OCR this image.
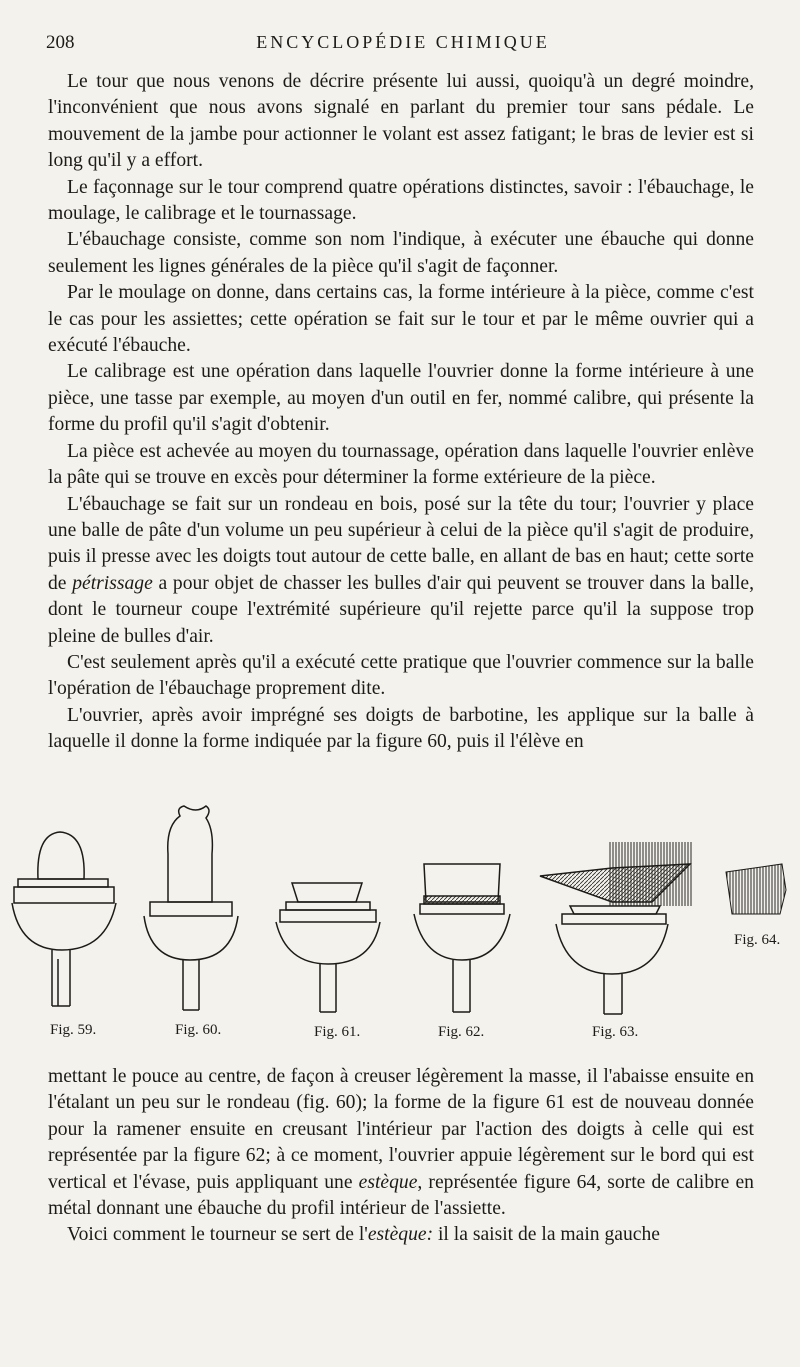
208	ENCYCLOPÉDIE CHIMIQUE

Le tour que nous venons de décrire présente lui aussi, quoiqu'à un degré moindre, l'inconvénient que nous avons signalé en parlant du premier tour sans pédale. Le mouvement de la jambe pour actionner le volant est assez fatigant; le bras de levier est si long qu'il y a effort.

Le façonnage sur le tour comprend quatre opérations distinctes, savoir : l'ébauchage, le moulage, le calibrage et le tournassage.

L'ébauchage consiste, comme son nom l'indique, à exécuter une ébauche qui donne seulement les lignes générales de la pièce qu'il s'agit de façonner.

Par le moulage on donne, dans certains cas, la forme intérieure à la pièce, comme c'est le cas pour les assiettes; cette opération se fait sur le tour et par le même ouvrier qui a exécuté l'ébauche.

Le calibrage est une opération dans laquelle l'ouvrier donne la forme intérieure à une pièce, une tasse par exemple, au moyen d'un outil en fer, nommé calibre, qui présente la forme du profil qu'il s'agit d'obtenir.

La pièce est achevée au moyen du tournassage, opération dans laquelle l'ouvrier enlève la pâte qui se trouve en excès pour déterminer la forme extérieure de la pièce.

L'ébauchage se fait sur un rondeau en bois, posé sur la tête du tour; l'ouvrier y place une balle de pâte d'un volume un peu supérieur à celui de la pièce qu'il s'agit de produire, puis il presse avec les doigts tout autour de cette balle, en allant de bas en haut; cette sorte de pétrissage a pour objet de chasser les bulles d'air qui peuvent se trouver dans la balle, dont le tourneur coupe l'extrémité supérieure qu'il rejette parce qu'il la suppose trop pleine de bulles d'air.

C'est seulement après qu'il a exécuté cette pratique que l'ouvrier commence sur la balle l'opération de l'ébauchage proprement dite.

L'ouvrier, après avoir imprégné ses doigts de barbotine, les applique sur la balle à laquelle il donne la forme indiquée par la figure 60, puis il l'élève en

Fig. 59.	Fig. 60.	Fig. 61.	Fig. 62.	Fig. 63.
Fig. 64.

mettant le pouce au centre, de façon à creuser légèrement la masse, il l'abaisse ensuite en l'étalant un peu sur le rondeau (fig. 60); la forme de la figure 61 est de nouveau donnée pour la ramener ensuite en creusant l'intérieur par l'action des doigts à celle qui est représentée par la figure 62; à ce moment, l'ouvrier appuie légèrement sur le bord qui est vertical et l'évase, puis appliquant une estèque, représentée figure 64, sorte de calibre en métal donnant une ébauche du profil intérieur de l'assiette.

Voici comment le tourneur se sert de l'estèque: il la saisit de la main gauche
